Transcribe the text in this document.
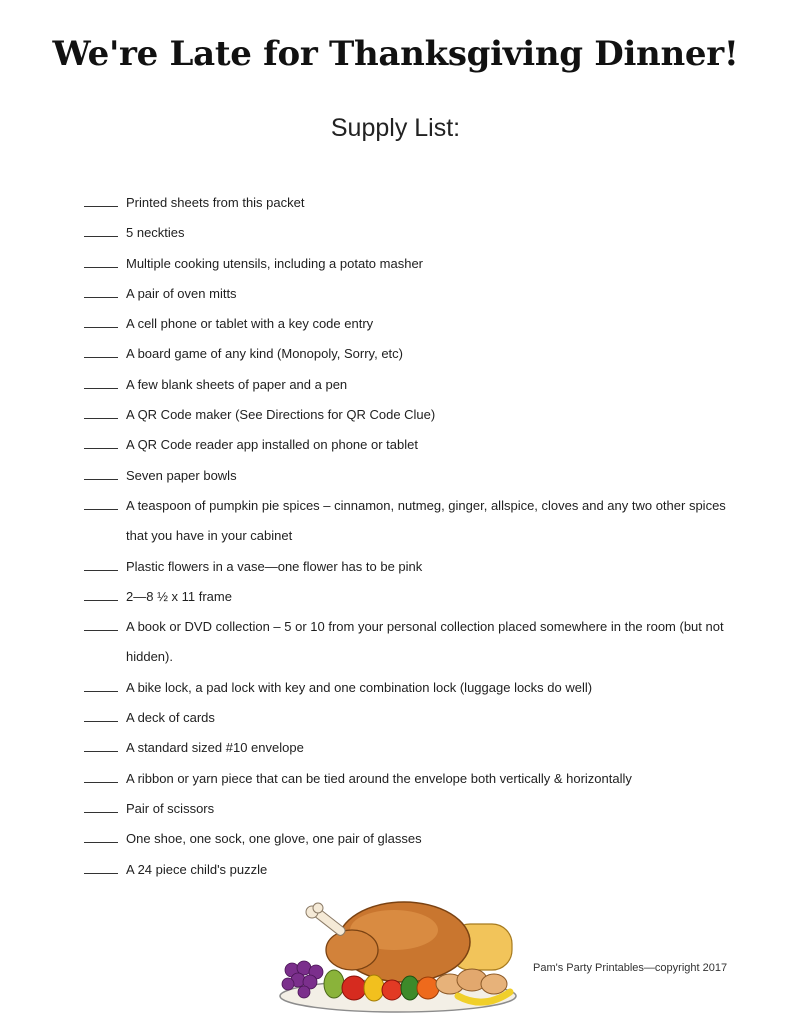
We're Late for Thanksgiving Dinner!
Supply List:
Printed sheets from this packet
5 neckties
Multiple cooking utensils, including a potato masher
A pair of oven mitts
A cell phone or tablet with a key code entry
A board game of any kind (Monopoly, Sorry, etc)
A few blank sheets of paper and a pen
A QR Code maker (See Directions for QR Code Clue)
A QR Code reader app installed on phone or tablet
Seven paper bowls
A teaspoon of pumpkin pie spices – cinnamon, nutmeg, ginger, allspice, cloves and any two other spices that you have in your cabinet
Plastic flowers in a vase—one flower has to be pink
2—8 ½ x 11 frame
A book or DVD collection – 5 or 10 from your personal collection placed somewhere in the room (but not hidden).
A bike lock, a pad lock with key and one combination lock (luggage locks do well)
A deck of cards
A standard sized #10 envelope
A ribbon or yarn piece that can be tied around the envelope both vertically & horizontally
Pair of scissors
One shoe, one sock, one glove, one pair of glasses
A 24 piece child's puzzle
Pam's Party Printables—copyright 2017
